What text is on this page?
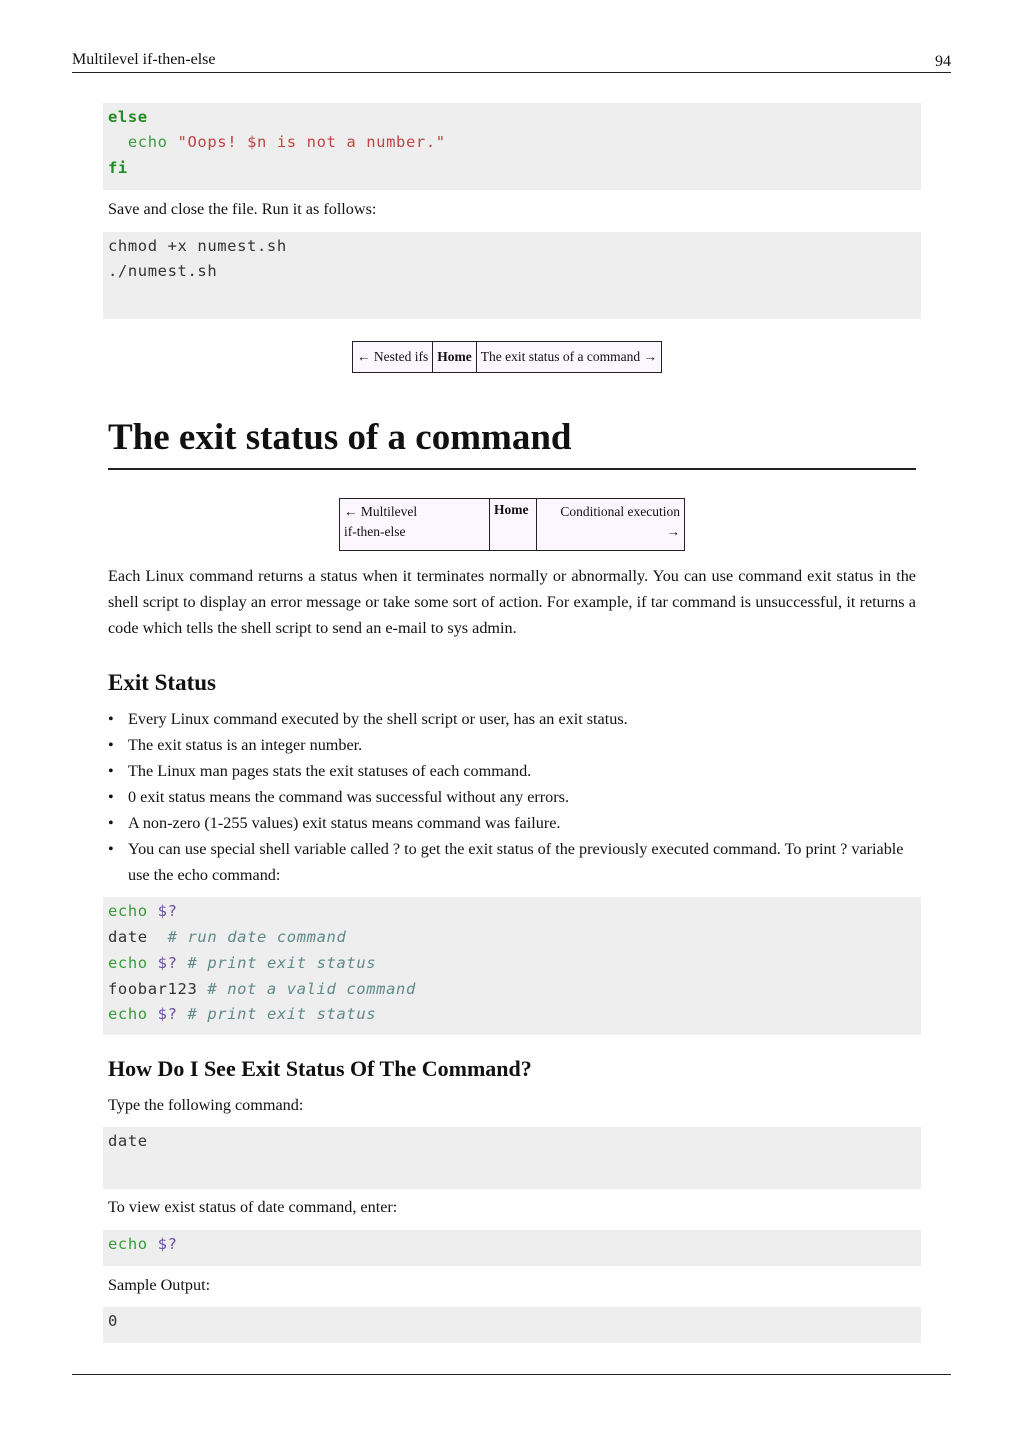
Multilevel if-then-else	94
else
echo "Oops! $n is not a number."
fi
Save and close the file. Run it as follows:
chmod +x numest.sh
./numest.sh
← Nested ifs	Home	The exit status of a command →
The exit status of a command
← Multilevel
if-then-else
	Home	Conditional execution
→
Each Linux command returns a status when it terminates normally or abnormally. You can use command exit status in the shell script to display an error message or take some sort of action. For example, if tar command is unsuccessful, it returns a code which tells the shell script to send an e-mail to sys admin.
Exit Status
• Every Linux command executed by the shell script or user, has an exit status.
• The exit status is an integer number.
• The Linux man pages stats the exit statuses of each command.
• 0 exit status means the command was successful without any errors.
• A non-zero (1-255 values) exit status means command was failure.
• You can use special shell variable called ? to get the exit status of the previously executed command. To print ? variable use the echo command:
echo $?
date # run date command
echo $? # print exit status
foobar123 # not a valid command
echo $? # print exit status
How Do I See Exit Status Of The Command?
Type the following command:
date
To view exist status of date command, enter:
echo $?
Sample Output:
0
